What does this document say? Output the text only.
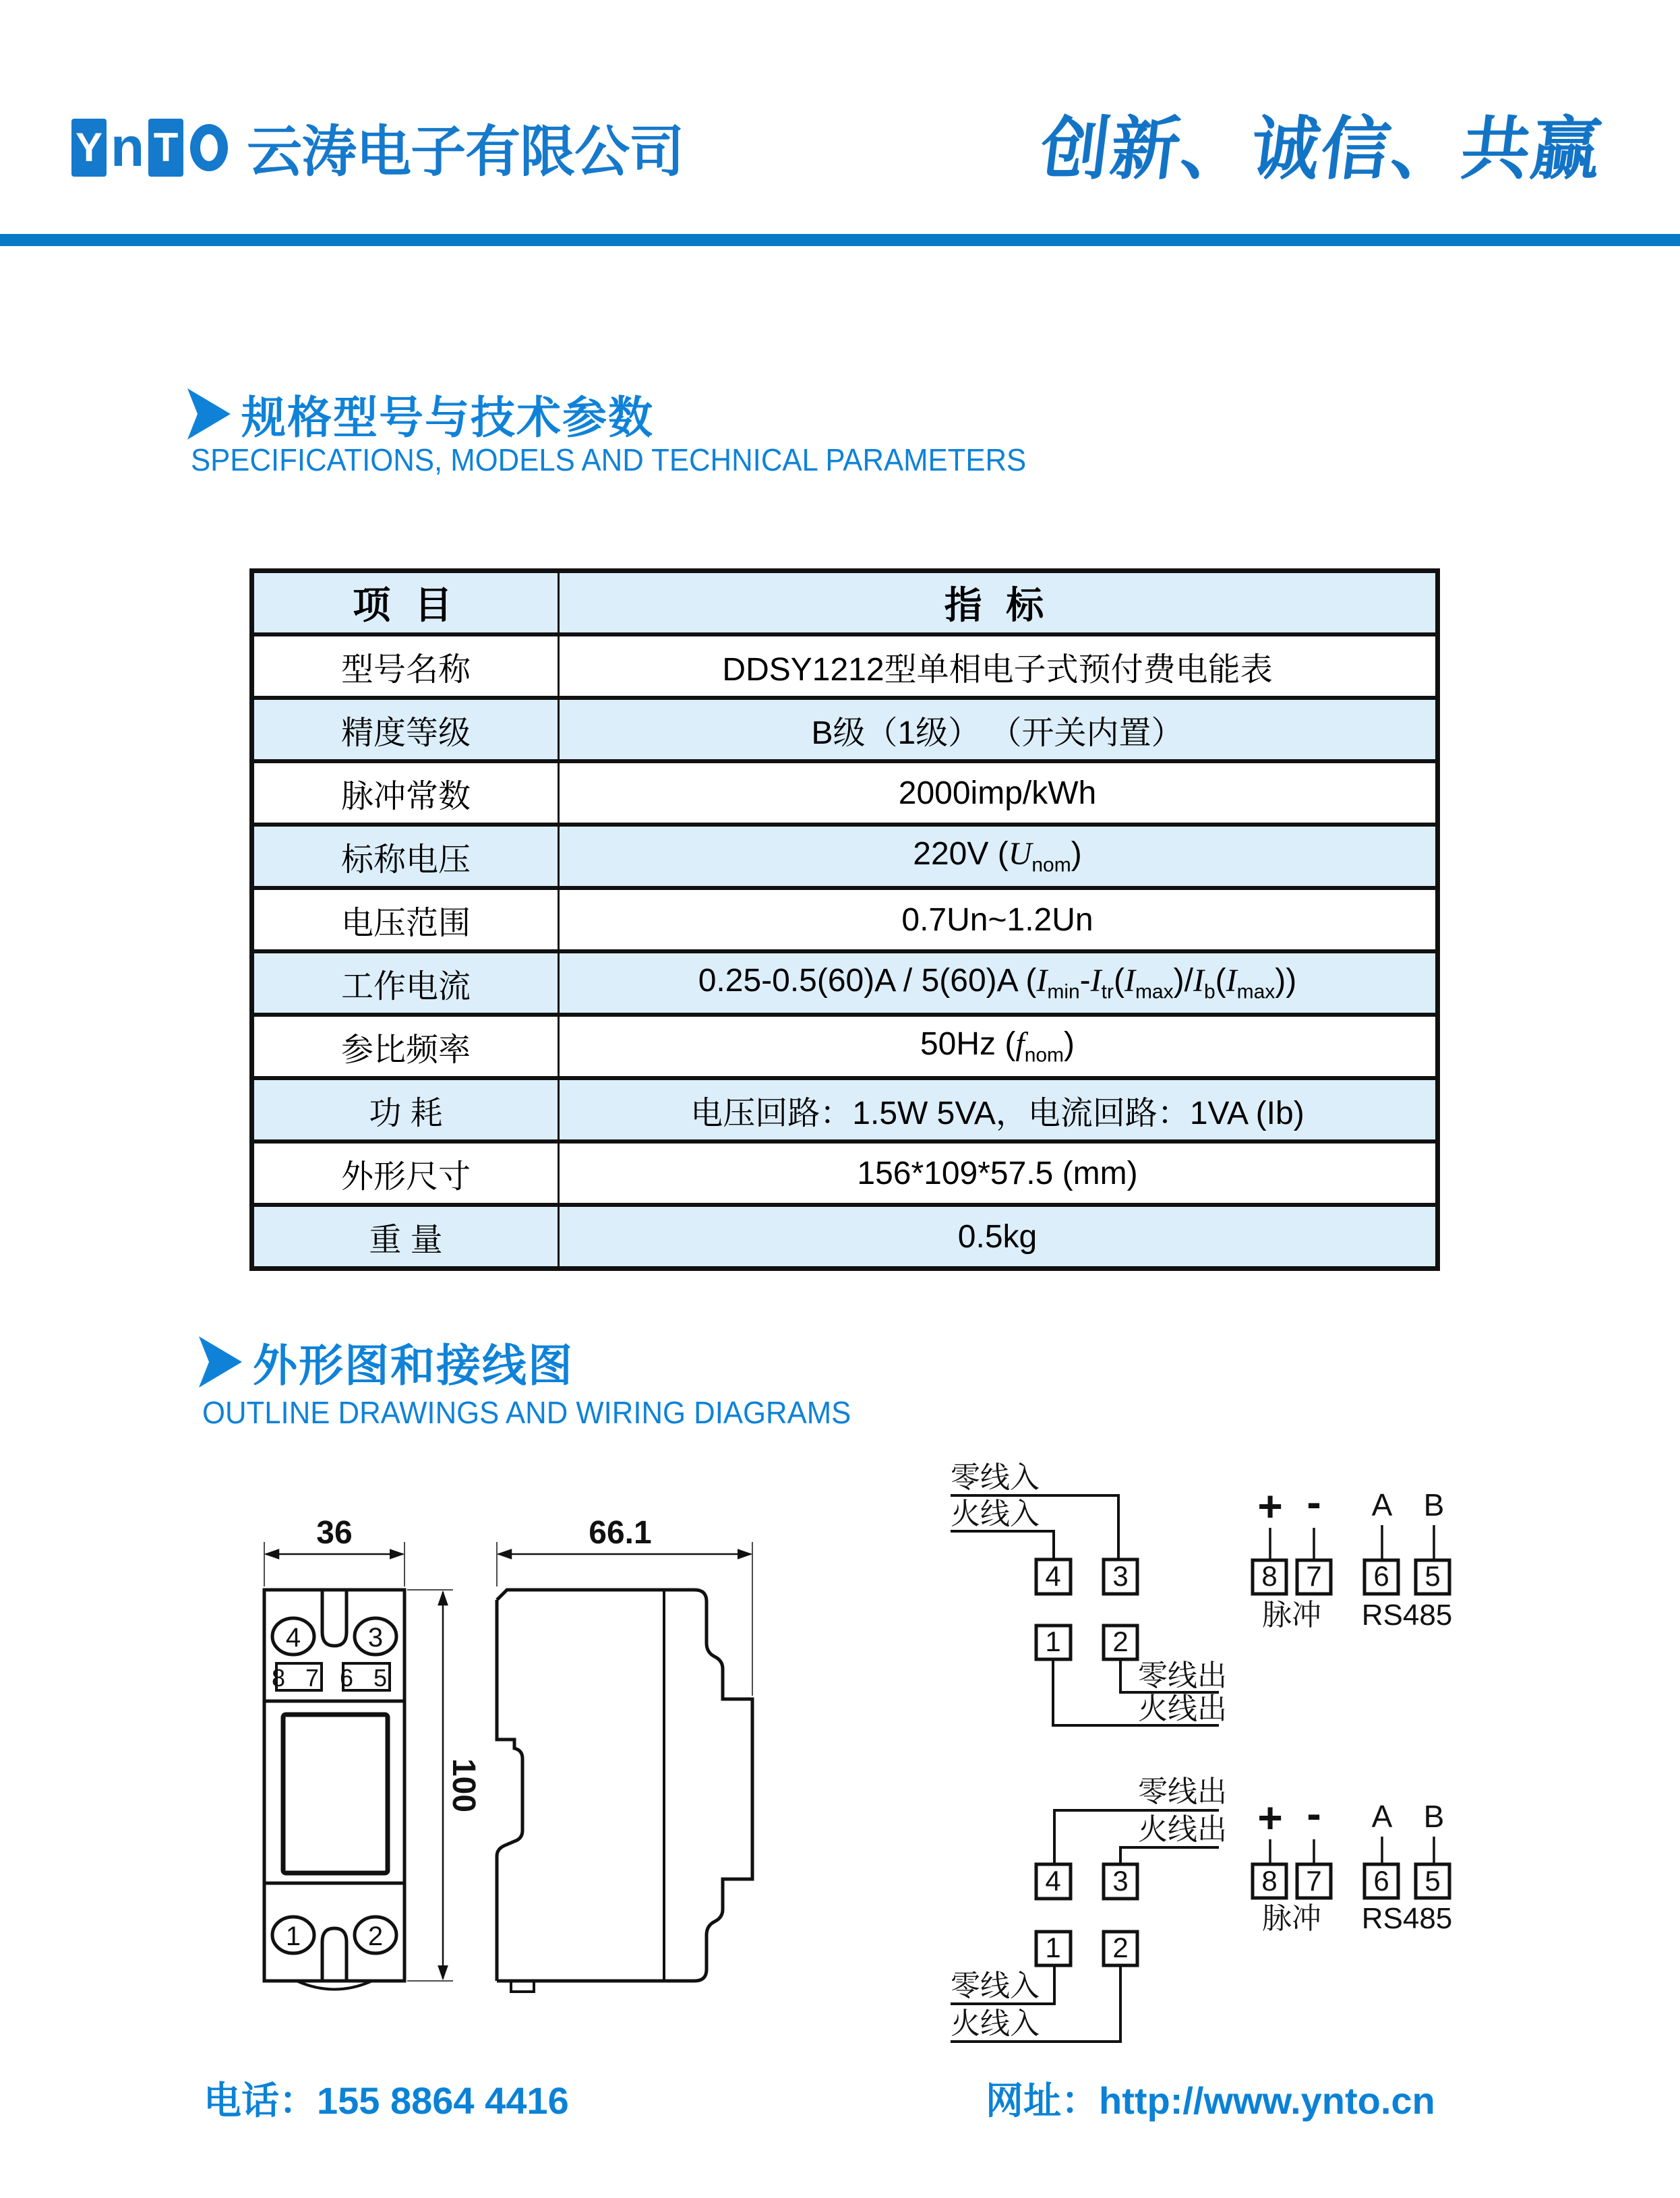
Y n T 云涛电子有限公司	创新、诚信、共赢
规格型号与技术参数
SPECIFICATIONS, MODELS AND TECHNICAL PARAMETERS
项 目	指 标
型号名称	DDSY1212型单相电子式预付费电能表
精度等级	B级（1级） （开关内置）
脉冲常数	2000imp/kWh
标称电压	220V $(U_{nom})$
电压范围	0.7Un~1.2Un
工作电流	0.25-0.5(60)A / 5(60)A $(I_{min}-I_{tr}(I_{max})/I_b(I_{max}))$
参比频率	50Hz $(f_{nom})$
功 耗	电压回路：1.5W 5VA，电流回路：1VA (Ib)
外形尺寸	156*109*57.5 (mm)
重 量	0.5kg
外形图和接线图
OUTLINE DRAWINGS AND WIRING DIAGRAMS
36	66.1
100
4 3
8 7 6 5
1 2
零线入
火线入
4 3
1 2
零线出
火线出
+ - A B
8 7 6 5
脉冲 RS485
零线出
火线出
4 3
1 2
零线入
火线入
+ - A B
8 7 6 5
脉冲 RS485
电话：155 8864 4416	网址：http://www.ynto.cn
